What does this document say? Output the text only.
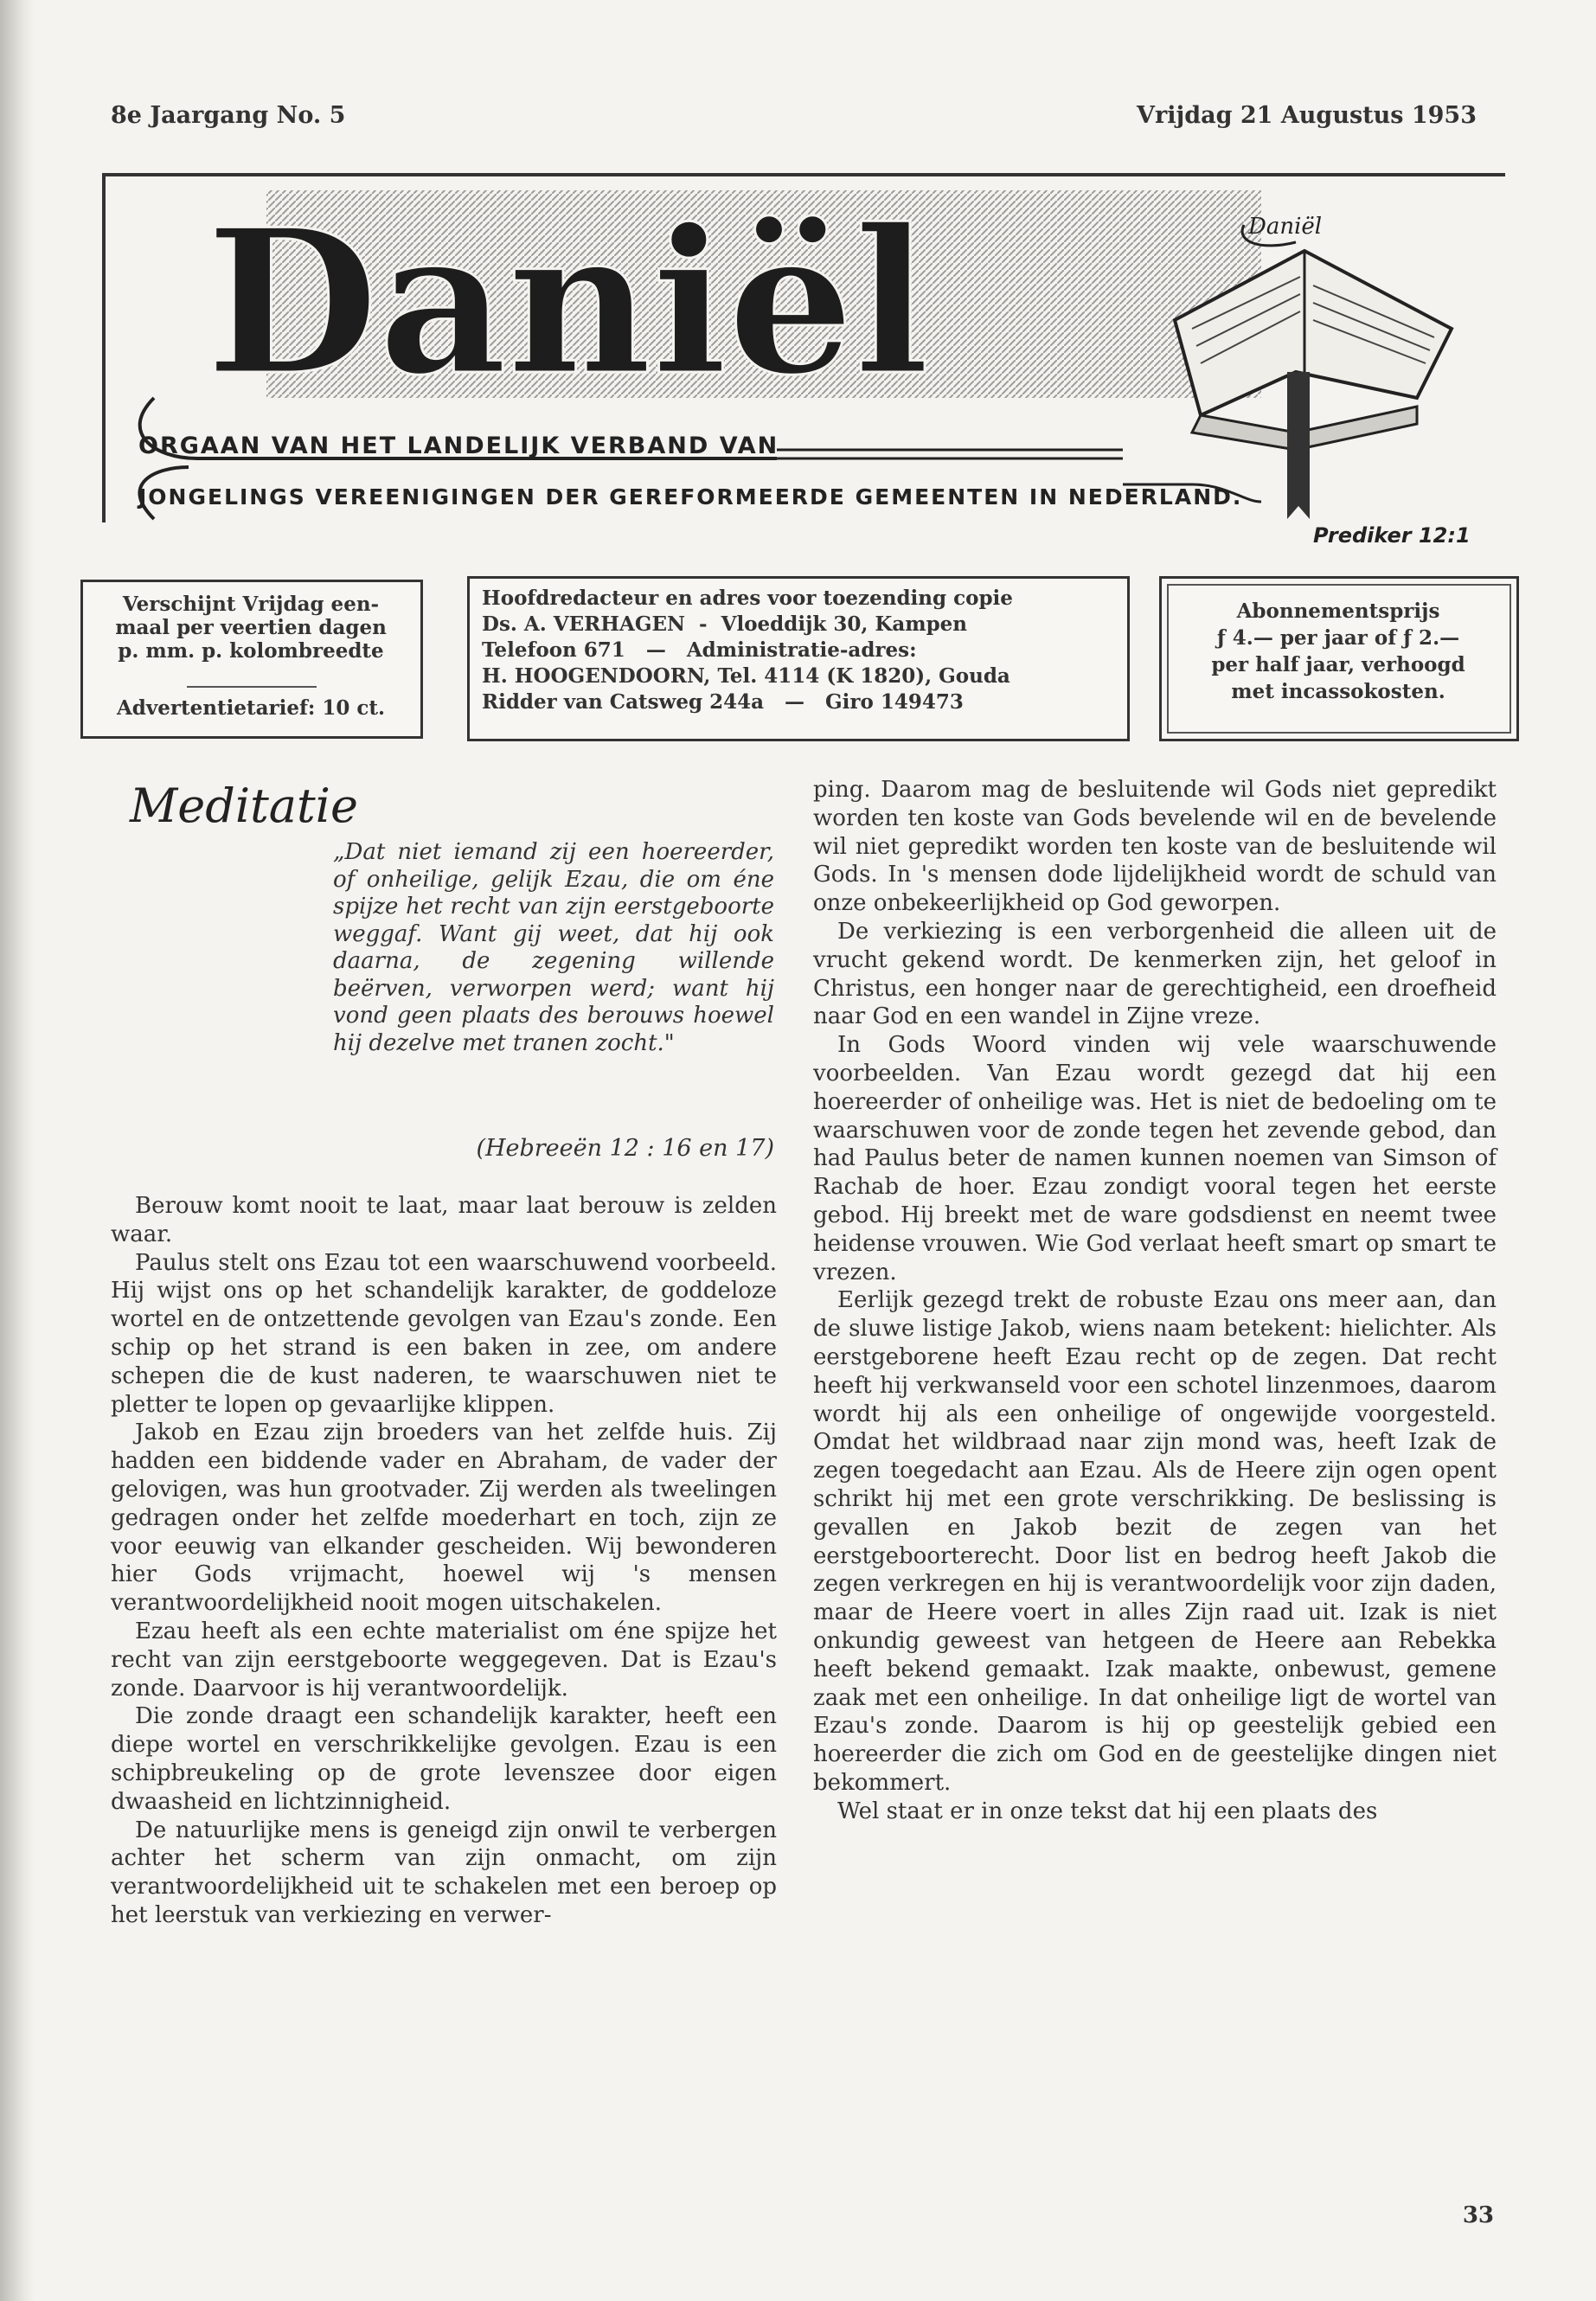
8e Jaargang No. 5	Vrijdag 21 Augustus 1953
Daniël	Daniël
ORGAAN VAN HET LANDELIJK VERBAND VAN
JONGELINGS VEREENIGINGEN DER GEREFORMEERDE GEMEENTEN IN NEDERLAND.
Prediker 12:1
Verschijnt Vrijdag een-
maal per veertien dagen
p. mm. p. kolombreedte
Advertentietarief: 10 ct.
Hoofdredacteur en adres voor toezending copie
Ds. A. VERHAGEN  -  Vloeddijk 30, Kampen
Telefoon 671   —   Administratie-adres:
H. HOOGENDOORN, Tel. 4114 (K 1820), Gouda
Ridder van Catsweg 244a   —   Giro 149473
Abonnementsprijs
ƒ 4.— per jaar of ƒ 2.—
per half jaar, verhoogd
met incassokosten.
Meditatie
„Dat niet iemand zij een hoereerder, of onheilige, gelijk Ezau, die om éne spijze het recht van zijn eerstgeboorte weggaf. Want gij weet, dat hij ook daarna, de zegening willende beërven, verworpen werd; want hij vond geen plaats des berouws hoewel hij dezelve met tranen zocht."
(Hebreeën 12 : 16 en 17)

Berouw komt nooit te laat, maar laat berouw is zelden waar.

Paulus stelt ons Ezau tot een waarschuwend voorbeeld. Hij wijst ons op het schandelijk karakter, de goddeloze wortel en de ontzettende gevolgen van Ezau's zonde. Een schip op het strand is een baken in zee, om andere schepen die de kust naderen, te waarschuwen niet te pletter te lopen op gevaarlijke klippen.

Jakob en Ezau zijn broeders van het zelfde huis. Zij hadden een biddende vader en Abraham, de vader der gelovigen, was hun grootvader. Zij werden als tweelingen gedragen onder het zelfde moederhart en toch, zijn ze voor eeuwig van elkander gescheiden. Wij bewonderen hier Gods vrijmacht, hoewel wij 's mensen verantwoordelijkheid nooit mogen uitschakelen.

Ezau heeft als een echte materialist om éne spijze het recht van zijn eerstgeboorte weggegeven. Dat is Ezau's zonde. Daarvoor is hij verantwoordelijk.

Die zonde draagt een schandelijk karakter, heeft een diepe wortel en verschrikkelijke gevolgen. Ezau is een schipbreukeling op de grote levenszee door eigen dwaasheid en lichtzinnigheid.

De natuurlijke mens is geneigd zijn onwil te verbergen achter het scherm van zijn onmacht, om zijn verantwoordelijkheid uit te schakelen met een beroep op het leerstuk van verkiezing en verwer-

ping. Daarom mag de besluitende wil Gods niet gepredikt worden ten koste van Gods bevelende wil en de bevelende wil niet gepredikt worden ten koste van de besluitende wil Gods. In 's mensen dode lijdelijkheid wordt de schuld van onze onbekeerlijkheid op God geworpen.

De verkiezing is een verborgenheid die alleen uit de vrucht gekend wordt. De kenmerken zijn, het geloof in Christus, een honger naar de gerechtigheid, een droefheid naar God en een wandel in Zijne vreze.

In Gods Woord vinden wij vele waarschuwende voorbeelden. Van Ezau wordt gezegd dat hij een hoereerder of onheilige was. Het is niet de bedoeling om te waarschuwen voor de zonde tegen het zevende gebod, dan had Paulus beter de namen kunnen noemen van Simson of Rachab de hoer. Ezau zondigt vooral tegen het eerste gebod. Hij breekt met de ware godsdienst en neemt twee heidense vrouwen. Wie God verlaat heeft smart op smart te vrezen.

Eerlijk gezegd trekt de robuste Ezau ons meer aan, dan de sluwe listige Jakob, wiens naam betekent: hielichter. Als eerstgeborene heeft Ezau recht op de zegen. Dat recht heeft hij verkwanseld voor een schotel linzenmoes, daarom wordt hij als een onheilige of ongewijde voorgesteld. Omdat het wildbraad naar zijn mond was, heeft Izak de zegen toegedacht aan Ezau. Als de Heere zijn ogen opent schrikt hij met een grote verschrikking. De beslissing is gevallen en Jakob bezit de zegen van het eerstgeboorterecht. Door list en bedrog heeft Jakob die zegen verkregen en hij is verantwoordelijk voor zijn daden, maar de Heere voert in alles Zijn raad uit. Izak is niet onkundig geweest van hetgeen de Heere aan Rebekka heeft bekend gemaakt. Izak maakte, onbewust, gemene zaak met een onheilige. In dat onheilige ligt de wortel van Ezau's zonde. Daarom is hij op geestelijk gebied een hoereerder die zich om God en de geestelijke dingen niet bekommert.

Wel staat er in onze tekst dat hij een plaats des

33
